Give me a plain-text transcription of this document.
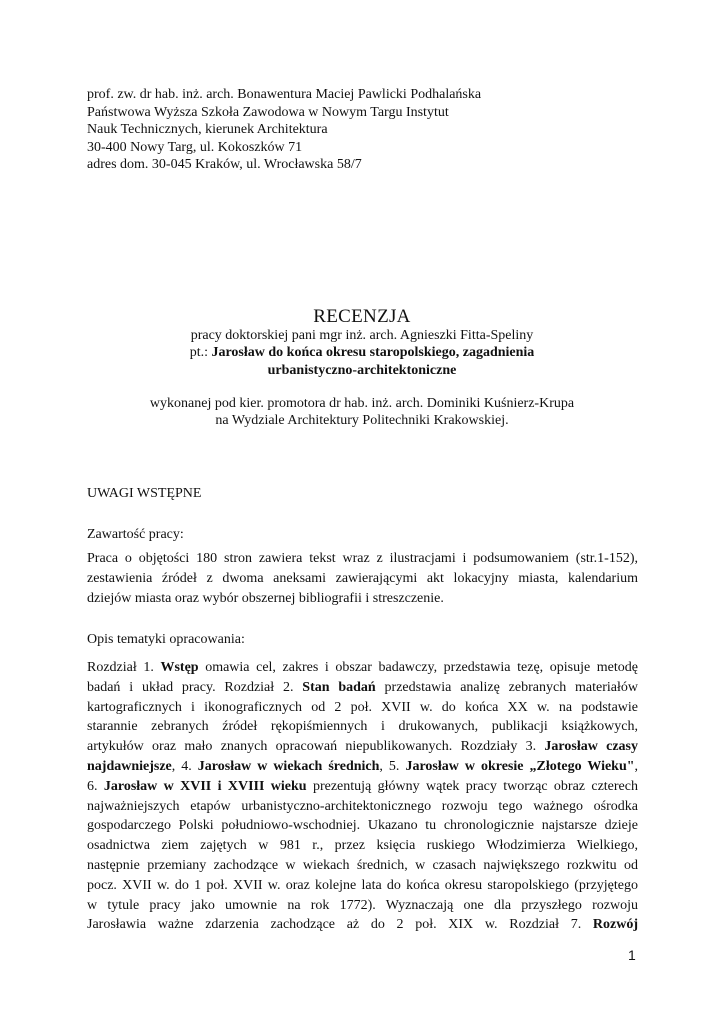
prof. zw. dr hab. inż. arch. Bonawentura Maciej Pawlicki Podhalańska
Państwowa Wyższa Szkoła Zawodowa w Nowym Targu Instytut
Nauk Technicznych, kierunek Architektura
30-400 Nowy Targ, ul. Kokoszków 71
adres dom. 30-045 Kraków, ul. Wrocławska 58/7
RECENZJA
pracy doktorskiej pani mgr inż. arch. Agnieszki Fitta-Speliny
pt.: Jarosław do końca okresu staropolskiego, zagadnienia
urbanistyczno-architektoniczne
wykonanej pod kier. promotora dr hab. inż. arch. Dominiki Kuśnierz-Krupa
na Wydziale Architektury Politechniki Krakowskiej.
UWAGI WSTĘPNE
Zawartość pracy:
Praca o objętości 180 stron zawiera tekst wraz z ilustracjami i podsumowaniem (str.1-152),
zestawienia źródeł z dwoma aneksami zawierającymi akt lokacyjny miasta, kalendarium
dziejów miasta oraz wybór obszernej bibliografii i streszczenie.
Opis tematyki opracowania:
Rozdział 1. Wstęp omawia cel, zakres i obszar badawczy, przedstawia tezę, opisuje metodę
badań i układ pracy. Rozdział 2. Stan badań przedstawia analizę zebranych materiałów
kartograficznych i ikonograficznych od 2 poł. XVII w. do końca XX w. na podstawie
starannie zebranych źródeł rękopiśmiennych i drukowanych, publikacji książkowych,
artykułów oraz mało znanych opracowań niepublikowanych. Rozdziały 3. Jarosław czasy
najdawniejsze, 4. Jarosław w wiekach średnich, 5. Jarosław w okresie „Złotego Wieku",
6. Jarosław w XVII i XVIII wieku prezentują główny wątek pracy tworząc obraz czterech
najważniejszych etapów urbanistyczno-architektonicznego rozwoju tego ważnego ośrodka
gospodarczego Polski południowo-wschodniej. Ukazano tu chronologicznie najstarsze dzieje
osadnictwa ziem zajętych w 981 r., przez księcia ruskiego Włodzimierza Wielkiego,
następnie przemiany zachodzące w wiekach średnich, w czasach największego rozkwitu od
pocz. XVII w. do 1 poł. XVII w. oraz kolejne lata do końca okresu staropolskiego (przyjętego
w tytule pracy jako umownie na rok 1772). Wyznaczają one dla przyszłego rozwoju
Jarosławia ważne zdarzenia zachodzące aż do 2 poł. XIX w. Rozdział 7. Rozwój
1
